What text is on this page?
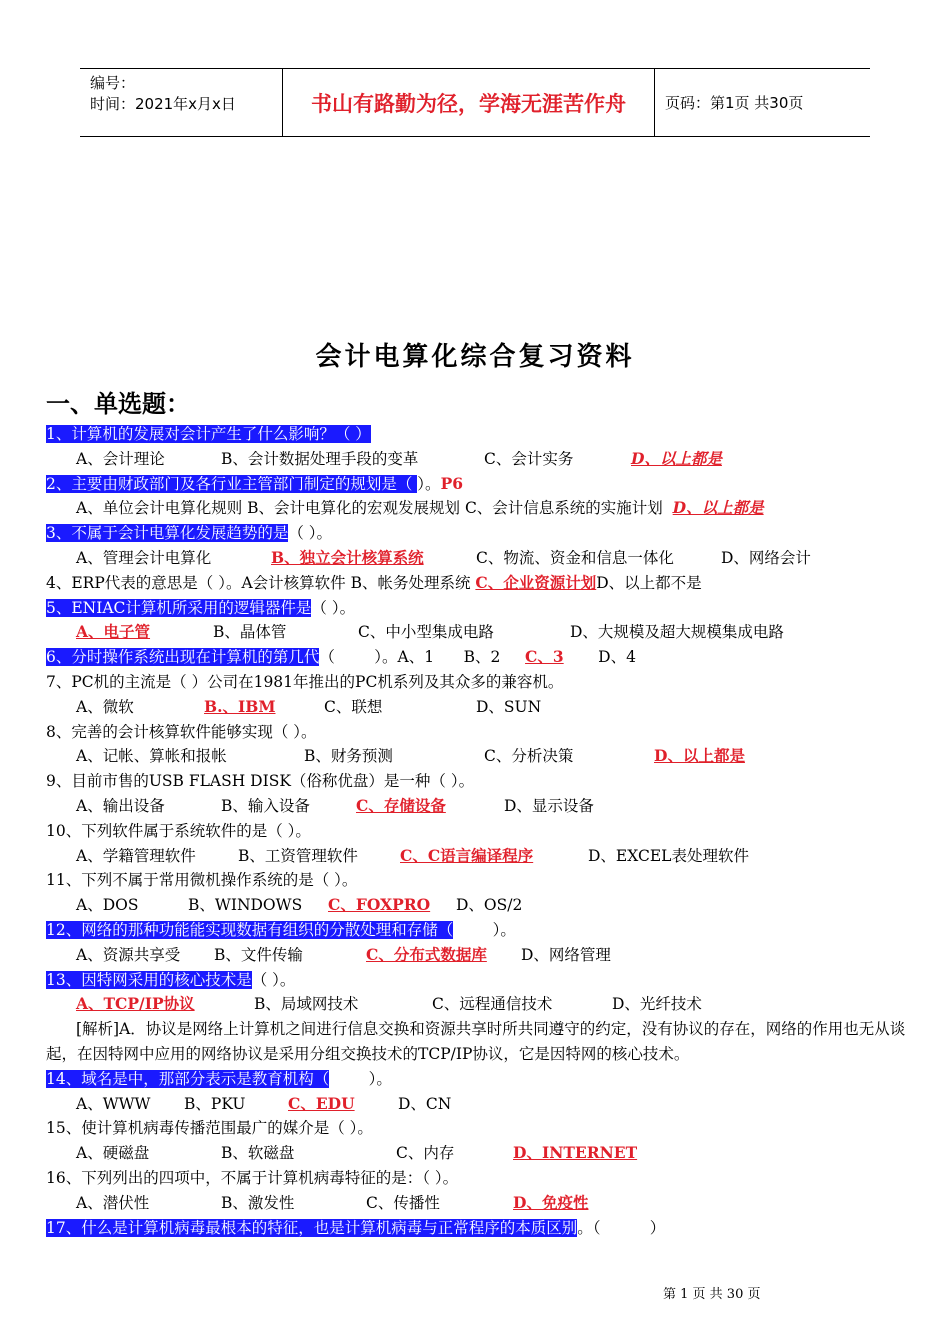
编号：
时间：2021年x月x日	书山有路勤为径，学海无涯苦作舟	页码：第1页 共30页
会计电算化综合复习资料
一、单选题：
1、计算机的发展对会计产生了什么影响？（ ）
A、会计理论	B、会计数据处理手段的变革	C、会计实务	D、以上都是
2、主要由财政部门及各行业主管部门制定的规划是（ ）。P6
A、单位会计电算化规则 B、会计电算化的宏观发展规划 C、会计信息系统的实施计划 D、以上都是
3、不属于会计电算化发展趋势的是（ ）。
A、管理会计电算化	B、独立会计核算系统	C、物流、资金和信息一体化	D、网络会计
4、ERP代表的意思是（ ）。A会计核算软件 B、帐务处理系统 C、企业资源计划D、以上都不是
5、ENIAC计算机所采用的逻辑器件是（ ）。
A、电子管	B、晶体管	C、中小型集成电路	D、大规模及超大规模集成电路
6、分时操作系统出现在计算机的第几代（        ）。A、1      B、2     C、3 D、4
7、PC机的主流是（ ）公司在1981年推出的PC机系列及其众多的兼容机。
A、微软	B.、IBM	C、联想	D、SUN
8、完善的会计核算软件能够实现（ ）。
A、记帐、算帐和报帐	B、财务预测	C、分析决策	D、以上都是
9、目前市售的USB FLASH DISK（俗称优盘）是一种（ ）。
A、输出设备	B、输入设备	C、存储设备	D、显示设备
10、下列软件属于系统软件的是（ ）。
A、学籍管理软件	B、工资管理软件	C、C语言编译程序	D、EXCEL表处理软件
11、下列不属于常用微机操作系统的是（ ）。
A、DOS	B、WINDOWS C、FOXPRO D、OS/2
12、网络的那种功能能实现数据有组织的分散处理和存储（        ）。
A、资源共享受 B、文件传输	C、分布式数据库 D、网络管理
13、因特网采用的核心技术是（ ）。
A、TCP/IP协议	B、局域网技术	C、远程通信技术	D、光纤技术
[解析]A．协议是网络上计算机之间进行信息交换和资源共享时所共同遵守的约定，没有协议的存在，网络的作用也无从谈起，在因特网中应用的网络协议是采用分组交换技术的TCP/IP协议，它是因特网的核心技术。
14、域名是中，那部分表示是教育机构（        ）。
A、WWW B、PKU	C、EDU	D、CN
15、使计算机病毒传播范围最广的媒介是（ ）。
A、硬磁盘	B、软磁盘	C、内存	D、INTERNET
16、下列列出的四项中，不属于计算机病毒特征的是：（ ）。
A、潜伏性	B、激发性	C、传播性	D、免疫性
17、什么是计算机病毒最根本的特征，也是计算机病毒与正常程序的本质区别。（          ）
第 1 页 共 30 页
